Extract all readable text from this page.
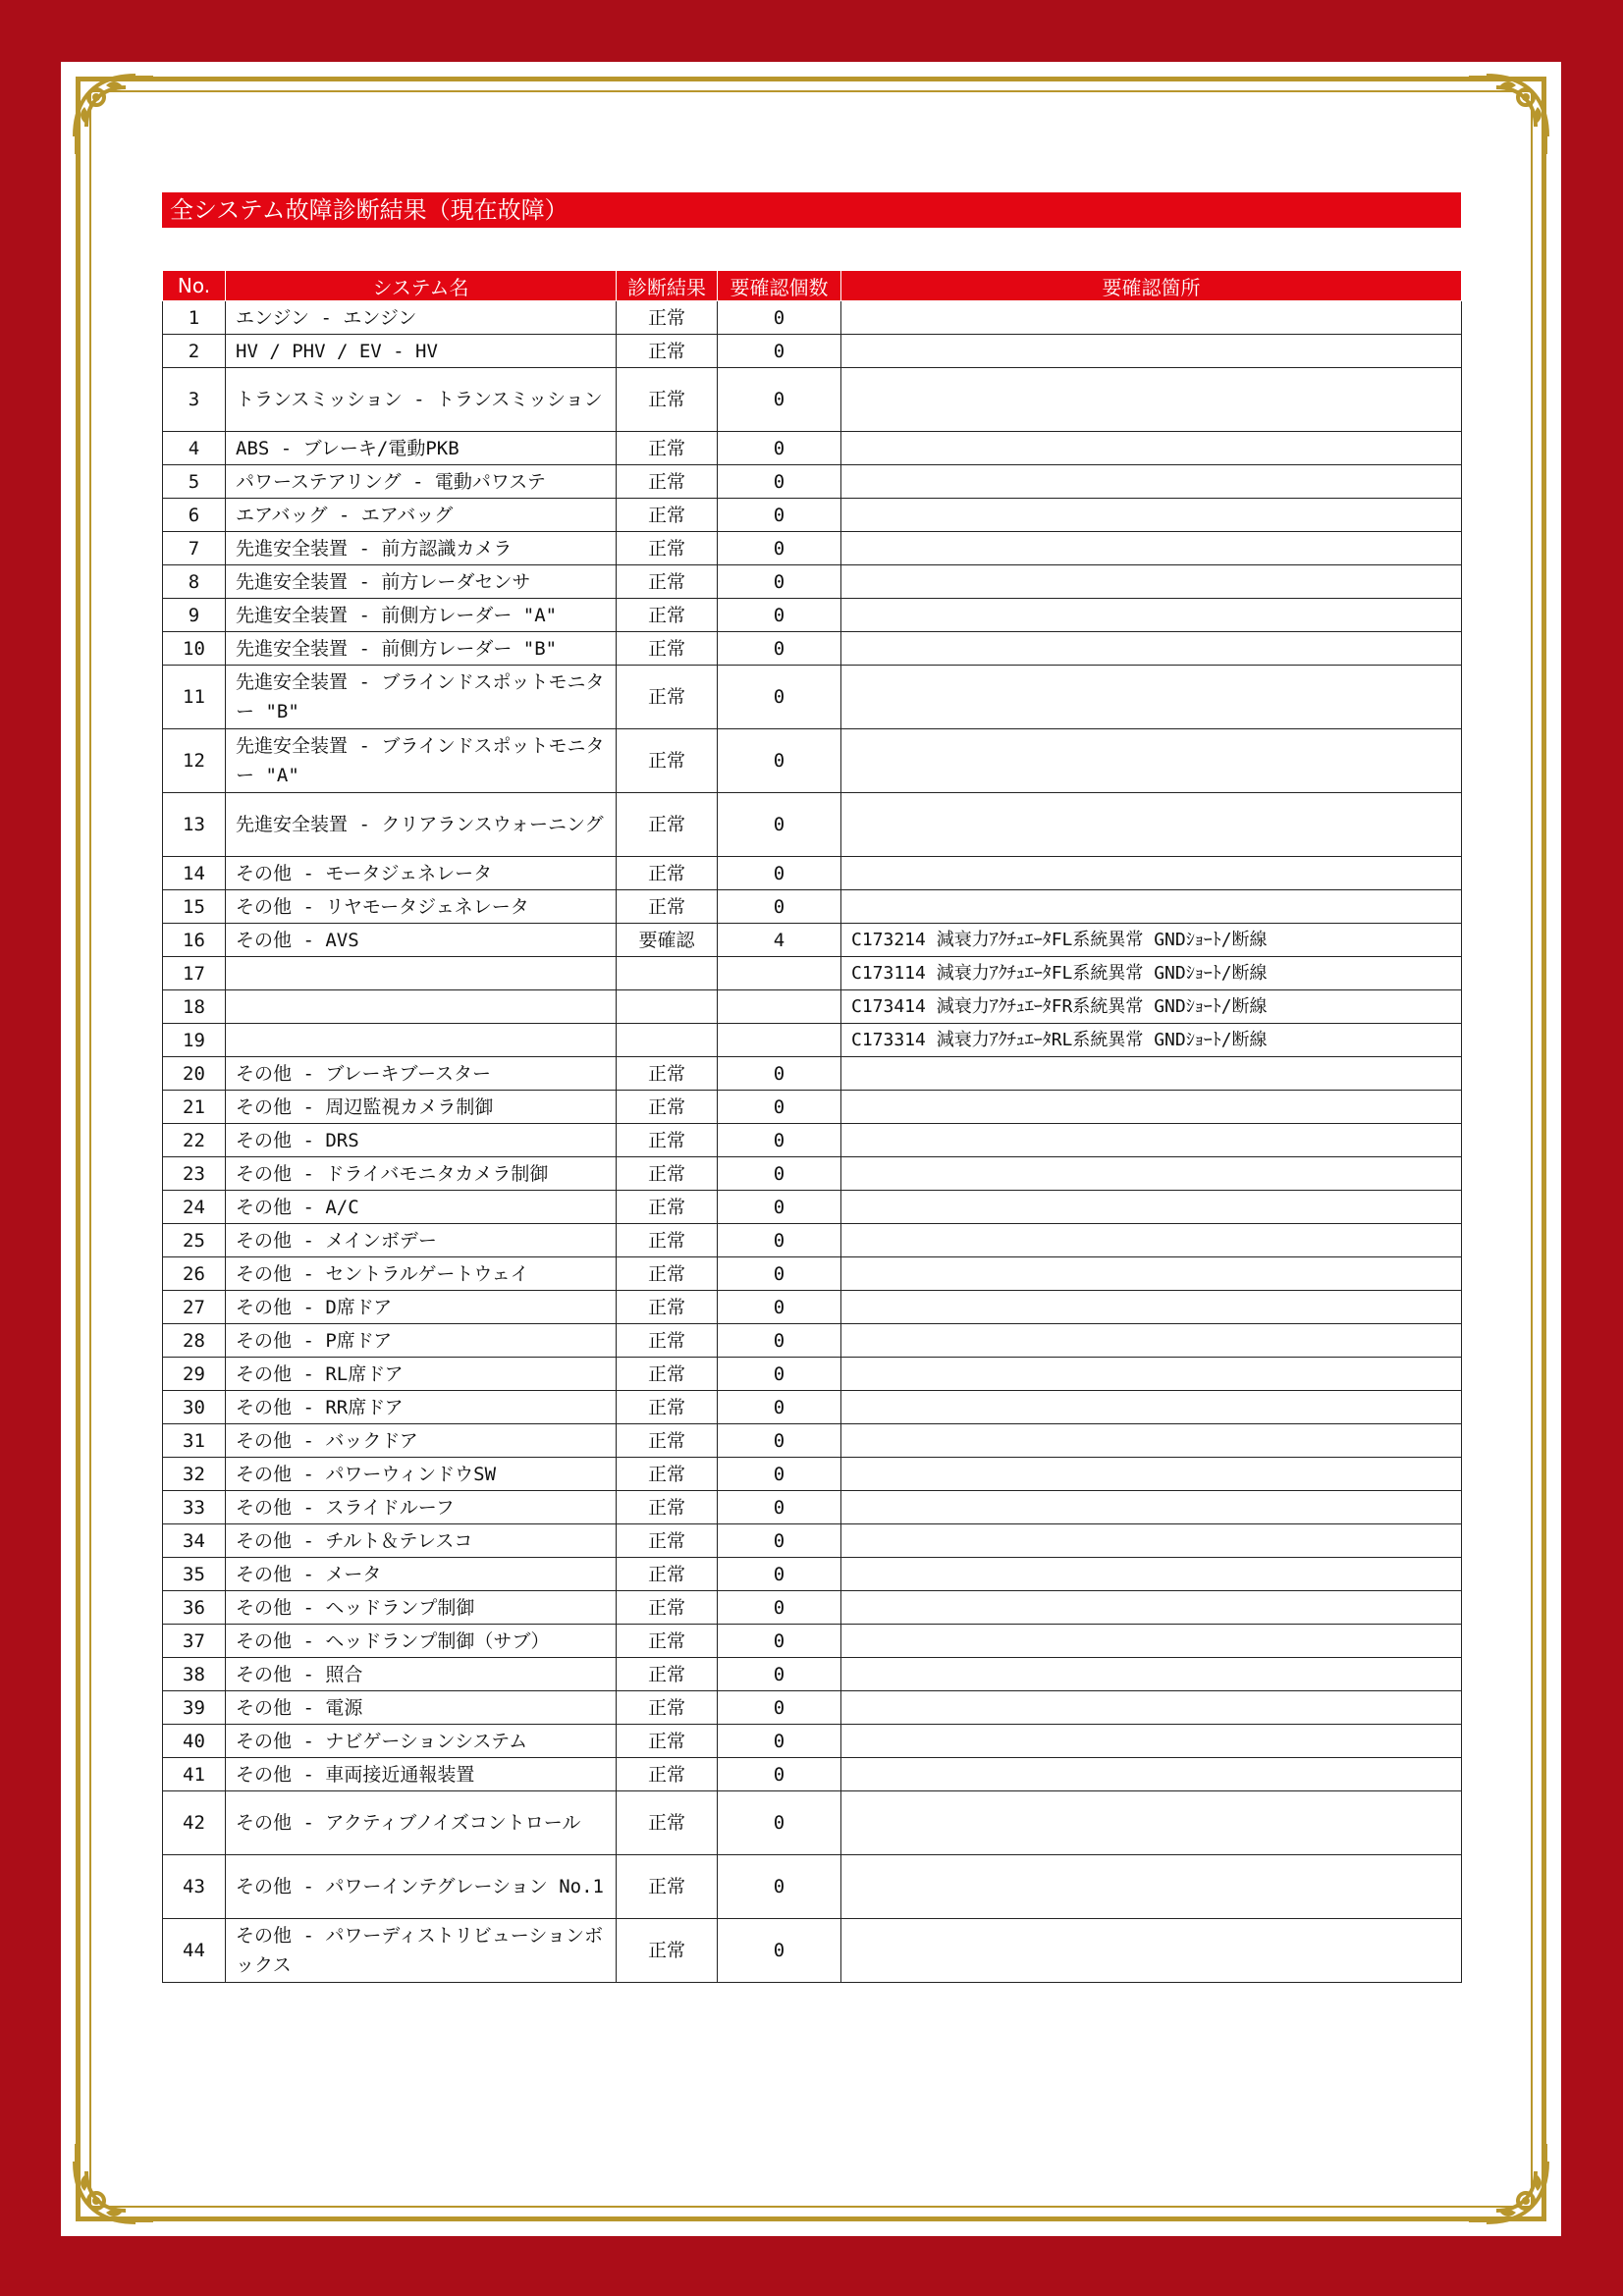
全システム故障診断結果（現在故障）
No.	システム名	診断結果	要確認個数	要確認箇所
1	エンジン - エンジン	正常	0	
2	HV / PHV / EV - HV	正常	0	
3	トランスミッション - トランスミッション	正常	0	
4	ABS - ブレーキ/電動PKB	正常	0	
5	パワーステアリング - 電動パワステ	正常	0	
6	エアバッグ - エアバッグ	正常	0	
7	先進安全装置 - 前方認識カメラ	正常	0	
8	先進安全装置 - 前方レーダセンサ	正常	0	
9	先進安全装置 - 前側方レーダー "A"	正常	0	
10	先進安全装置 - 前側方レーダー "B"	正常	0	
11	先進安全装置 - ブラインドスポットモニター "B"	正常	0	
12	先進安全装置 - ブラインドスポットモニター "A"	正常	0	
13	先進安全装置 - クリアランスウォーニング	正常	0	
14	その他 - モータジェネレータ	正常	0	
15	その他 - リヤモータジェネレータ	正常	0	
16	その他 - AVS	要確認	4	C173214 減衰力ｱｸﾁｭｴｰﾀFL系統異常 GNDｼｮｰﾄ/断線
17				C173114 減衰力ｱｸﾁｭｴｰﾀFL系統異常 GNDｼｮｰﾄ/断線
18				C173414 減衰力ｱｸﾁｭｴｰﾀFR系統異常 GNDｼｮｰﾄ/断線
19				C173314 減衰力ｱｸﾁｭｴｰﾀRL系統異常 GNDｼｮｰﾄ/断線
20	その他 - ブレーキブースター	正常	0	
21	その他 - 周辺監視カメラ制御	正常	0	
22	その他 - DRS	正常	0	
23	その他 - ドライバモニタカメラ制御	正常	0	
24	その他 - A/C	正常	0	
25	その他 - メインボデー	正常	0	
26	その他 - セントラルゲートウェイ	正常	0	
27	その他 - D席ドア	正常	0	
28	その他 - P席ドア	正常	0	
29	その他 - RL席ドア	正常	0	
30	その他 - RR席ドア	正常	0	
31	その他 - バックドア	正常	0	
32	その他 - パワーウィンドウSW	正常	0	
33	その他 - スライドルーフ	正常	0	
34	その他 - チルト＆テレスコ	正常	0	
35	その他 - メータ	正常	0	
36	その他 - ヘッドランプ制御	正常	0	
37	その他 - ヘッドランプ制御（サブ）	正常	0	
38	その他 - 照合	正常	0	
39	その他 - 電源	正常	0	
40	その他 - ナビゲーションシステム	正常	0	
41	その他 - 車両接近通報装置	正常	0	
42	その他 - アクティブノイズコントロール	正常	0	
43	その他 - パワーインテグレーション No.1	正常	0	
44	その他 - パワーディストリビューションボックス	正常	0	
